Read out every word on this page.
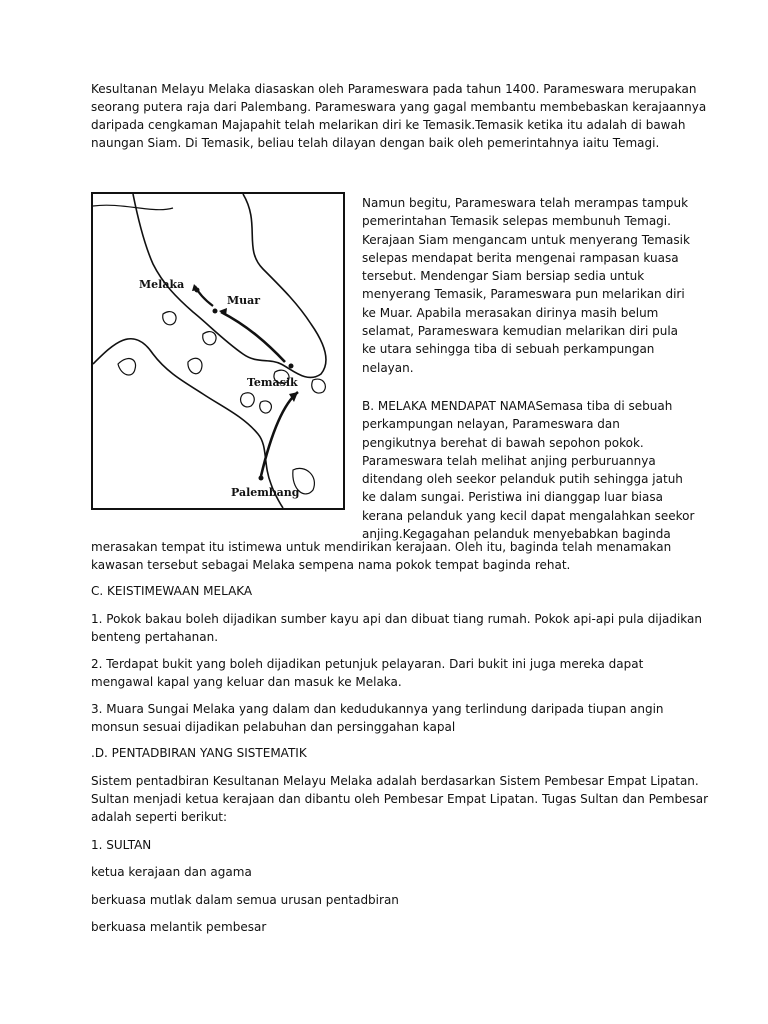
Kesultanan Melayu Melaka diasaskan oleh Parameswara pada tahun 1400. Parameswara merupakan
seorang putera raja dari Palembang. Parameswara yang gagal membantu membebaskan kerajaannya
daripada cengkaman Majapahit telah melarikan diri ke Temasik.Temasik ketika itu adalah di bawah
naungan Siam. Di Temasik, beliau telah dilayan dengan baik oleh pemerintahnya iaitu Temagi.

Melaka
Muar
Temasik
Palembang
Namun begitu, Parameswara telah merampas tampuk
pemerintahan Temasik selepas membunuh Temagi.
Kerajaan Siam mengancam untuk menyerang Temasik
selepas mendapat berita mengenai rampasan kuasa
tersebut. Mendengar Siam bersiap sedia untuk
menyerang Temasik, Parameswara pun melarikan diri
ke Muar. Apabila merasakan dirinya masih belum
selamat, Parameswara kemudian melarikan diri pula
ke utara sehingga tiba di sebuah perkampungan
nelayan.
B. MELAKA MENDAPAT NAMASemasa tiba di sebuah
perkampungan nelayan, Parameswara dan
pengikutnya berehat di bawah sepohon pokok.
Parameswara telah melihat anjing perburuannya
ditendang oleh seekor pelanduk putih sehingga jatuh
ke dalam sungai. Peristiwa ini dianggap luar biasa
kerana pelanduk yang kecil dapat mengalahkan seekor
anjing.Kegagahan pelanduk menyebabkan baginda

merasakan tempat itu istimewa untuk mendirikan kerajaan. Oleh itu, baginda telah menamakan
kawasan tersebut sebagai Melaka sempena nama pokok tempat baginda rehat.

C. KEISTIMEWAAN MELAKA

1. Pokok bakau boleh dijadikan sumber kayu api dan dibuat tiang rumah. Pokok api-api pula dijadikan
benteng pertahanan.

2. Terdapat bukit yang boleh dijadikan petunjuk pelayaran. Dari bukit ini juga mereka dapat
mengawal kapal yang keluar dan masuk ke Melaka.

3. Muara Sungai Melaka yang dalam dan kedudukannya yang terlindung daripada tiupan angin
monsun sesuai dijadikan pelabuhan dan persinggahan kapal

.D. PENTADBIRAN YANG SISTEMATIK

Sistem pentadbiran Kesultanan Melayu Melaka adalah berdasarkan Sistem Pembesar Empat Lipatan.
Sultan menjadi ketua kerajaan dan dibantu oleh Pembesar Empat Lipatan. Tugas Sultan dan Pembesar
adalah seperti berikut:

1. SULTAN

ketua kerajaan dan agama

berkuasa mutlak dalam semua urusan pentadbiran

berkuasa melantik pembesar
